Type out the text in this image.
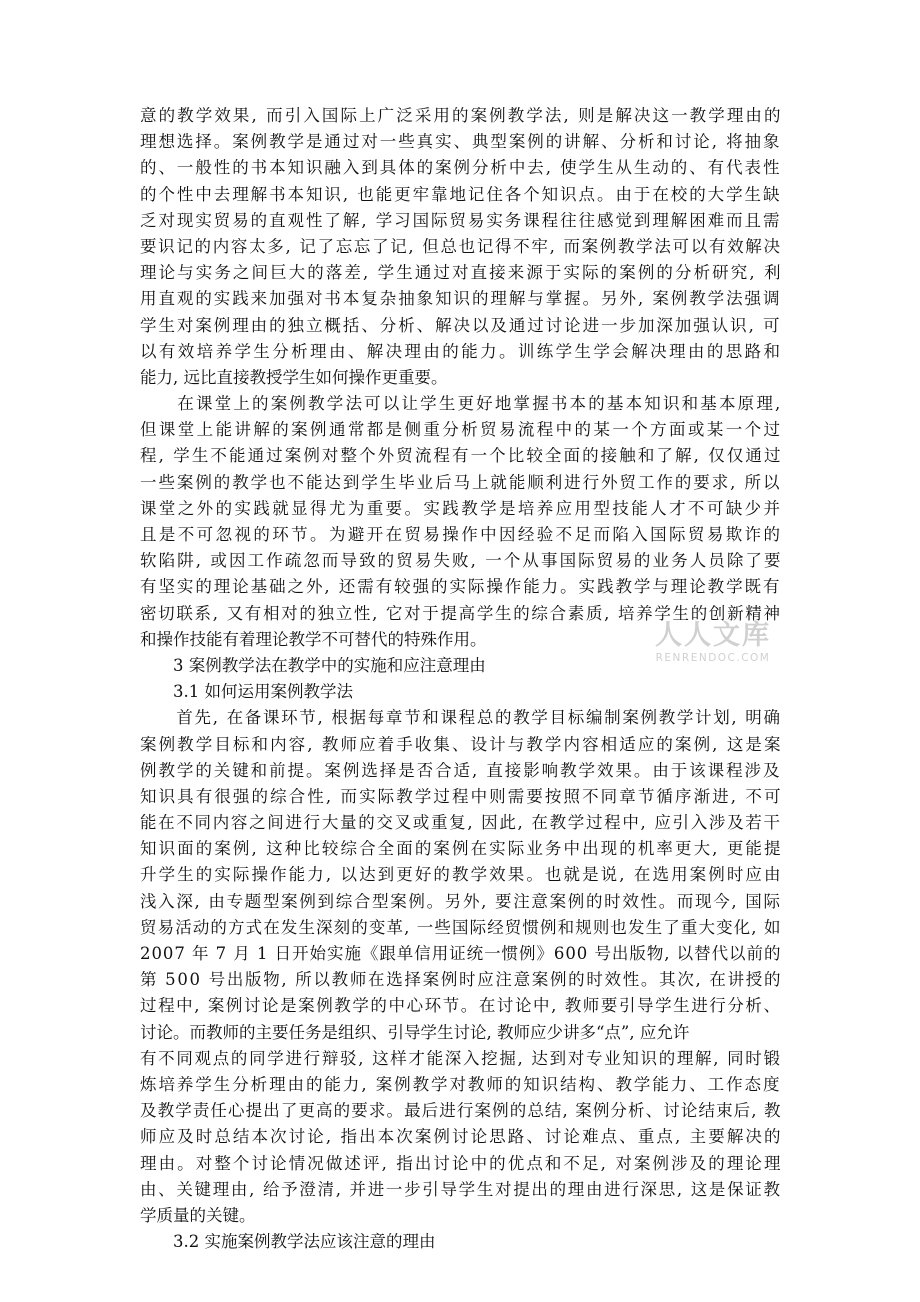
意的教学效果, 而引入国际上广泛采用的案例教学法, 则是解决这一教学理由的
理想选择。案例教学是通过对一些真实、典型案例的讲解、分析和讨论, 将抽象
的、一般性的书本知识融入到具体的案例分析中去, 使学生从生动的、有代表性
的个性中去理解书本知识, 也能更牢靠地记住各个知识点。由于在校的大学生缺
乏对现实贸易的直观性了解, 学习国际贸易实务课程往往感觉到理解困难而且需
要识记的内容太多, 记了忘忘了记, 但总也记得不牢, 而案例教学法可以有效解决
理论与实务之间巨大的落差, 学生通过对直接来源于实际的案例的分析研究, 利
用直观的实践来加强对书本复杂抽象知识的理解与掌握。另外, 案例教学法强调
学生对案例理由的独立概括、分析、解决以及通过讨论进一步加深加强认识, 可
以有效培养学生分析理由、解决理由的能力。训练学生学会解决理由的思路和
能力, 远比直接教授学生如何操作更重要。
　　在课堂上的案例教学法可以让学生更好地掌握书本的基本知识和基本原理,
但课堂上能讲解的案例通常都是侧重分析贸易流程中的某一个方面或某一个过
程, 学生不能通过案例对整个外贸流程有一个比较全面的接触和了解, 仅仅通过
一些案例的教学也不能达到学生毕业后马上就能顺利进行外贸工作的要求, 所以
课堂之外的实践就显得尤为重要。实践教学是培养应用型技能人才不可缺少并
且是不可忽视的环节。为避开在贸易操作中因经验不足而陷入国际贸易欺诈的
软陷阱, 或因工作疏忽而导致的贸易失败, 一个从事国际贸易的业务人员除了要
有坚实的理论基础之外, 还需有较强的实际操作能力。实践教学与理论教学既有
密切联系, 又有相对的独立性, 它对于提高学生的综合素质, 培养学生的创新精神
和操作技能有着理论教学不可替代的特殊作用。
　　3 案例教学法在教学中的实施和应注意理由
　　3.1 如何运用案例教学法
　　首先, 在备课环节, 根据每章节和课程总的教学目标编制案例教学计划, 明确
案例教学目标和内容, 教师应着手收集、设计与教学内容相适应的案例, 这是案
例教学的关键和前提。案例选择是否合适, 直接影响教学效果。由于该课程涉及
知识具有很强的综合性, 而实际教学过程中则需要按照不同章节循序渐进, 不可
能在不同内容之间进行大量的交叉或重复, 因此, 在教学过程中, 应引入涉及若干
知识面的案例, 这种比较综合全面的案例在实际业务中出现的机率更大, 更能提
升学生的实际操作能力, 以达到更好的教学效果。也就是说, 在选用案例时应由
浅入深, 由专题型案例到综合型案例。另外, 要注意案例的时效性。而现今, 国际
贸易活动的方式在发生深刻的变革, 一些国际经贸惯例和规则也发生了重大变化, 如
2007 年 7 月 1 日开始实施《跟单信用证统一惯例》600 号出版物, 以替代以前的
第 500 号出版物, 所以教师在选择案例时应注意案例的时效性。其次, 在讲授的
过程中, 案例讨论是案例教学的中心环节。在讨论中, 教师要引导学生进行分析、
讨论。而教师的主要任务是组织、引导学生讨论, 教师应少讲多“点”, 应允许
有不同观点的同学进行辩驳, 这样才能深入挖掘, 达到对专业知识的理解, 同时锻
炼培养学生分析理由的能力, 案例教学对教师的知识结构、教学能力、工作态度
及教学责任心提出了更高的要求。最后进行案例的总结, 案例分析、讨论结束后, 教
师应及时总结本次讨论, 指出本次案例讨论思路、讨论难点、重点, 主要解决的
理由。对整个讨论情况做述评, 指出讨论中的优点和不足, 对案例涉及的理论理
由、关键理由, 给予澄清, 并进一步引导学生对提出的理由进行深思, 这是保证教
学质量的关键。
　　3.2 实施案例教学法应该注意的理由
人人文库
RENRENDOC.COM
